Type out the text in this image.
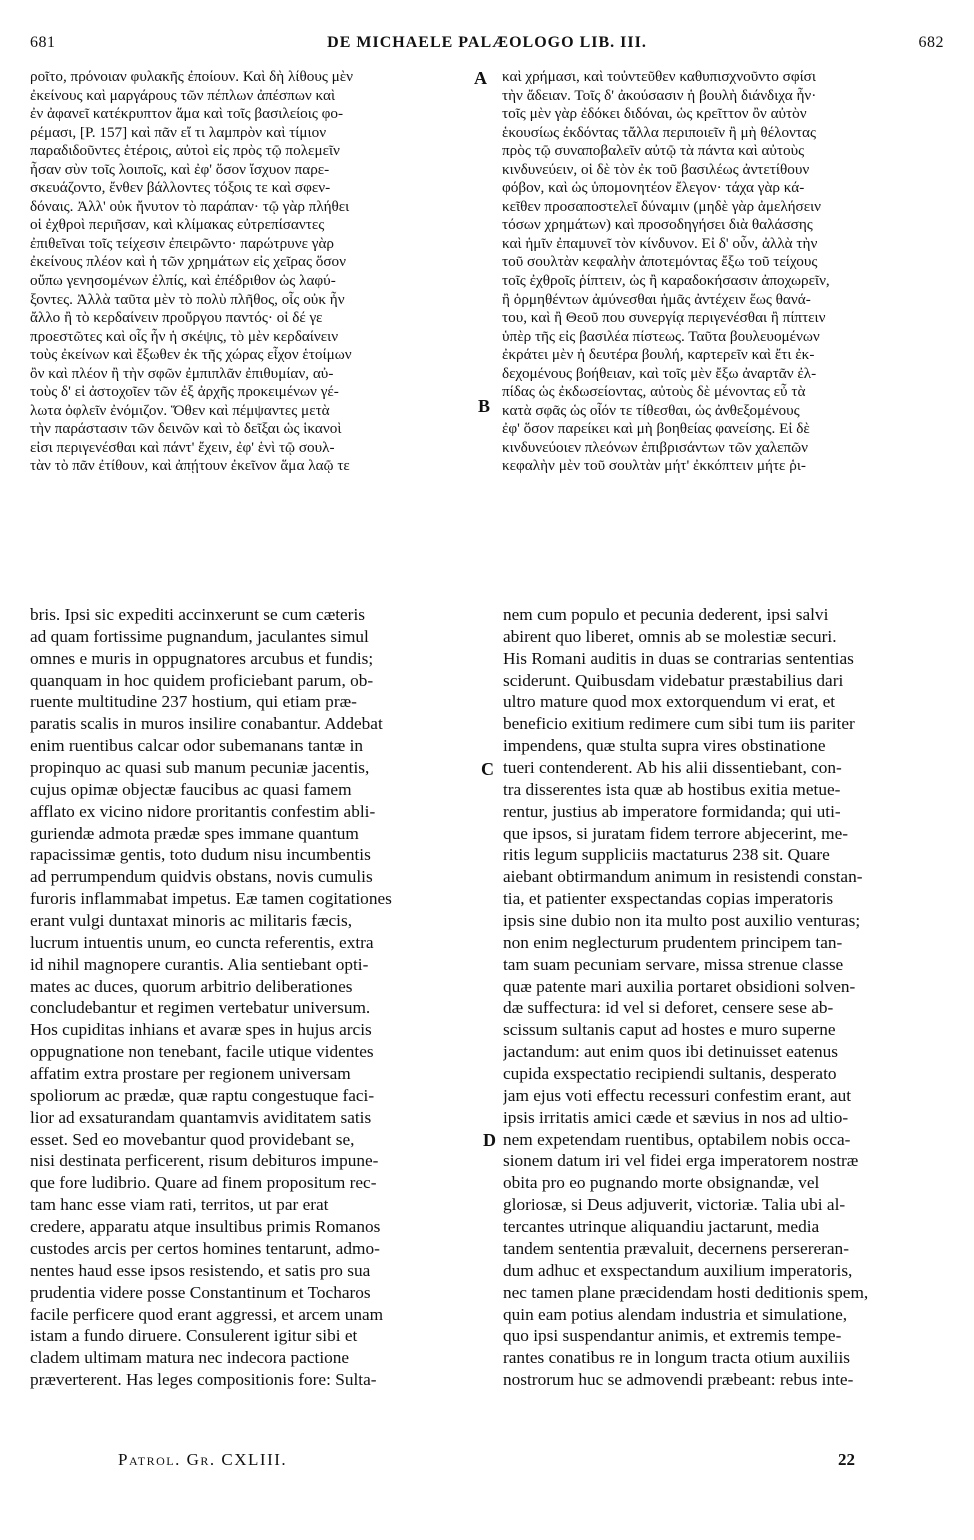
681	DE MICHAELE PALÆOLOGO LIB. III.	682
ροῖτο, πρόνοιαν φυλακῆς ἐποίουν. Καὶ δὴ λίθους μὲν
ἐκείνους καὶ μαργάρους τῶν πέπλων ἀπέσπων καὶ
ἐν ἀφανεῖ κατέκρυπτον ἅμα καὶ τοῖς βασιλείοις φο-
ρέμασι, [Ρ. 157] καὶ πᾶν εἴ τι λαμπρὸν καὶ τίμιον
παραδιδοῦντες ἑτέροις, αὐτοὶ εἰς πρὸς τῷ πολεμεῖν
ἦσαν σὺν τοῖς λοιποῖς, καὶ ἐφ' ὅσον ἴσχυον παρε-
σκευάζοντο, ἔνθεν βάλλοντες τόξοις τε καὶ σφεν-
δόναις. Ἀλλ' οὐκ ἤνυτον τὸ παράπαν· τῷ γὰρ πλήθει
οἱ ἐχθροὶ περιῆσαν, καὶ κλίμακας εὐτρεπίσαντες
ἐπιθεῖναι τοῖς τείχεσιν ἐπειρῶντο· παρώτρυνε γὰρ
ἐκείνους πλέον καὶ ἡ τῶν χρημάτων εἰς χεῖρας ὅσον
οὔπω γενησομένων ἐλπίς, καὶ ἐπέδριθον ὡς λαφύ-
ξοντες. Ἀλλὰ ταῦτα μὲν τὸ πολὺ πλῆθος, οἷς οὐκ ἦν
ἄλλο ἢ τὸ κερδαίνειν προὔργου παντός· οἱ δέ γε
προεστῶτες καὶ οἷς ἦν ἡ σκέψις, τὸ μὲν κερδαίνειν
τοὺς ἐκείνων καὶ ἔξωθεν ἐκ τῆς χώρας εἶχον ἑτοίμων
ὂν καὶ πλέον ἢ τὴν σφῶν ἐμπιπλᾶν ἐπιθυμίαν, αὐ-
τοὺς δ' εἰ ἀστοχοῖεν τῶν ἐξ ἀρχῆς προκειμένων γέ-
λωτα ὀφλεῖν ἐνόμιζον. Ὅθεν καὶ πέμψαντες μετὰ
τὴν παράστασιν τῶν δεινῶν καὶ τὸ δεῖξαι ὡς ἱκανοὶ
εἰσι περιγενέσθαι καὶ πάντ' ἔχειν, ἐφ' ἑνὶ τῷ σουλ-
τὰν τὸ πᾶν ἐτίθουν, καὶ ἀπῄτουν ἐκεῖνον ἅμα λαῷ τε
καὶ χρήμασι, καὶ τοὐντεῦθεν καθυπισχνοῦντο σφίσι
τὴν ἄδειαν. Τοῖς δ' ἀκούσασιν ἡ βουλὴ διάνδιχα ἦν·
τοῖς μὲν γὰρ ἐδόκει διδόναι, ὡς κρεῖττον ὂν αὐτὸν
ἑκουσίως ἐκδόντας τἄλλα περιποιεῖν ἢ μὴ θέλοντας
πρὸς τῷ συναποβαλεῖν αὐτῷ τὰ πάντα καὶ αὐτοὺς
κινδυνεύειν, οἱ δὲ τὸν ἐκ τοῦ βασιλέως ἀντετίθουν
φόβον, καὶ ὡς ὑπομονητέον ἔλεγον· τάχα γὰρ κά-
κεῖθεν προσαποστελεῖ δύναμιν (μηδὲ γὰρ ἀμελήσειν
τόσων χρημάτων) καὶ προσοδηγήσει διὰ θαλάσσης
καὶ ἡμῖν ἐπαμυνεῖ τὸν κίνδυνον. Εἰ δ' οὖν, ἀλλὰ τὴν
τοῦ σουλτὰν κεφαλὴν ἀποτεμόντας ἔξω τοῦ τείχους
τοῖς ἐχθροῖς ῥίπτειν, ὡς ἢ καραδοκήσασιν ἀποχωρεῖν,
ἢ ὁρμηθέντων ἀμύνεσθαι ἡμᾶς ἀντέχειν ἕως θανά-
του, καὶ ἢ Θεοῦ που συνεργίᾳ περιγενέσθαι ἢ πίπτειν
ὑπὲρ τῆς εἰς βασιλέα πίστεως. Ταῦτα βουλευομένων
ἐκράτει μὲν ἡ δευτέρα βουλή, καρτερεῖν καὶ ἔτι ἐκ-
δεχομένους βοήθειαν, καὶ τοῖς μὲν ἔξω ἀναρτᾶν ἐλ-
πίδας ὡς ἐκδωσείοντας, αὐτοὺς δὲ μένοντας εὖ τὰ
κατὰ σφᾶς ὡς οἷόν τε τίθεσθαι, ὡς ἀνθεξομένους
ἐφ' ὅσον παρείκει καὶ μὴ βοηθείας φανείσης. Εἰ δὲ
κινδυνεύοιεν πλεόνων ἐπιβρισάντων τῶν χαλεπῶν
κεφαλὴν μὲν τοῦ σουλτὰν μήτ' ἐκκόπτειν μήτε ῥι-
A
B
C
D
bris. Ipsi sic expediti accinxerunt se cum cæteris
ad quam fortissime pugnandum, jaculantes simul
omnes e muris in oppugnatores arcubus et fundis;
quanquam in hoc quidem proficiebant parum, ob-
ruente multitudine 237 hostium, qui etiam præ-
paratis scalis in muros insilire conabantur. Addebat
enim ruentibus calcar odor subemanans tantæ in
propinquo ac quasi sub manum pecuniæ jacentis,
cujus opimæ objectæ faucibus ac quasi famem
afflato ex vicino nidore proritantis confestim abli-
guriendæ admota prædæ spes immane quantum
rapacissimæ gentis, toto dudum nisu incumbentis
ad perrumpendum quidvis obstans, novis cumulis
furoris inflammabat impetus. Eæ tamen cogitationes
erant vulgi duntaxat minoris ac militaris fæcis,
lucrum intuentis unum, eo cuncta referentis, extra
id nihil magnopere curantis. Alia sentiebant opti-
mates ac duces, quorum arbitrio deliberationes
concludebantur et regimen vertebatur universum.
Hos cupiditas inhians et avaræ spes in hujus arcis
oppugnatione non tenebant, facile utique videntes
affatim extra prostare per regionem universam
spoliorum ac prædæ, quæ raptu congestuque faci-
lior ad exsaturandam quantamvis aviditatem satis
esset. Sed eo movebantur quod providebant se,
nisi destinata perficerent, risum debituros impune-
que fore ludibrio. Quare ad finem propositum rec-
tam hanc esse viam rati, territos, ut par erat
credere, apparatu atque insultibus primis Romanos
custodes arcis per certos homines tentarunt, admo-
nentes haud esse ipsos resistendo, et satis pro sua
prudentia videre posse Constantinum et Tocharos
facile perficere quod erant aggressi, et arcem unam
istam a fundo diruere. Consulerent igitur sibi et
cladem ultimam matura nec indecora pactione
præverterent. Has leges compositionis fore: Sulta-
nem cum populo et pecunia dederent, ipsi salvi
abirent quo liberet, omnis ab se molestiæ securi.
His Romani auditis in duas se contrarias sententias
sciderunt. Quibusdam videbatur præstabilius dari
ultro mature quod mox extorquendum vi erat, et
beneficio exitium redimere cum sibi tum iis pariter
impendens, quæ stulta supra vires obstinatione
tueri contenderent. Ab his alii dissentiebant, con-
tra disserentes ista quæ ab hostibus exitia metue-
rentur, justius ab imperatore formidanda; qui uti-
que ipsos, si juratam fidem terrore abjecerint, me-
ritis legum suppliciis mactaturus 238 sit. Quare
aiebant obtirmandum animum in resistendi constan-
tia, et patienter exspectandas copias imperatoris
ipsis sine dubio non ita multo post auxilio venturas;
non enim neglecturum prudentem principem tan-
tam suam pecuniam servare, missa strenue classe
quæ patente mari auxilia portaret obsidioni solven-
dæ suffectura: id vel si deforet, censere sese ab-
scissum sultanis caput ad hostes e muro superne
jactandum: aut enim quos ibi detinuisset eatenus
cupida exspectatio recipiendi sultanis, desperato
jam ejus voti effectu recessuri confestim erant, aut
ipsis irritatis amici cæde et sævius in nos ad ultio-
nem expetendam ruentibus, optabilem nobis occa-
sionem datum iri vel fidei erga imperatorem nostræ
obita pro eo pugnando morte obsignandæ, vel
gloriosæ, si Deus adjuverit, victoriæ. Talia ubi al-
tercantes utrinque aliquandiu jactarunt, media
tandem sententia prævaluit, decernens persereran-
dum adhuc et exspectandum auxilium imperatoris,
nec tamen plane præcidendam hosti deditionis spem,
quin eam potius alendam industria et simulatione,
quo ipsi suspendantur animis, et extremis tempe-
rantes conatibus re in longum tracta otium auxiliis
nostrorum huc se admovendi præbeant: rebus inte-
Patrol. Gr. CXLIII.	22
